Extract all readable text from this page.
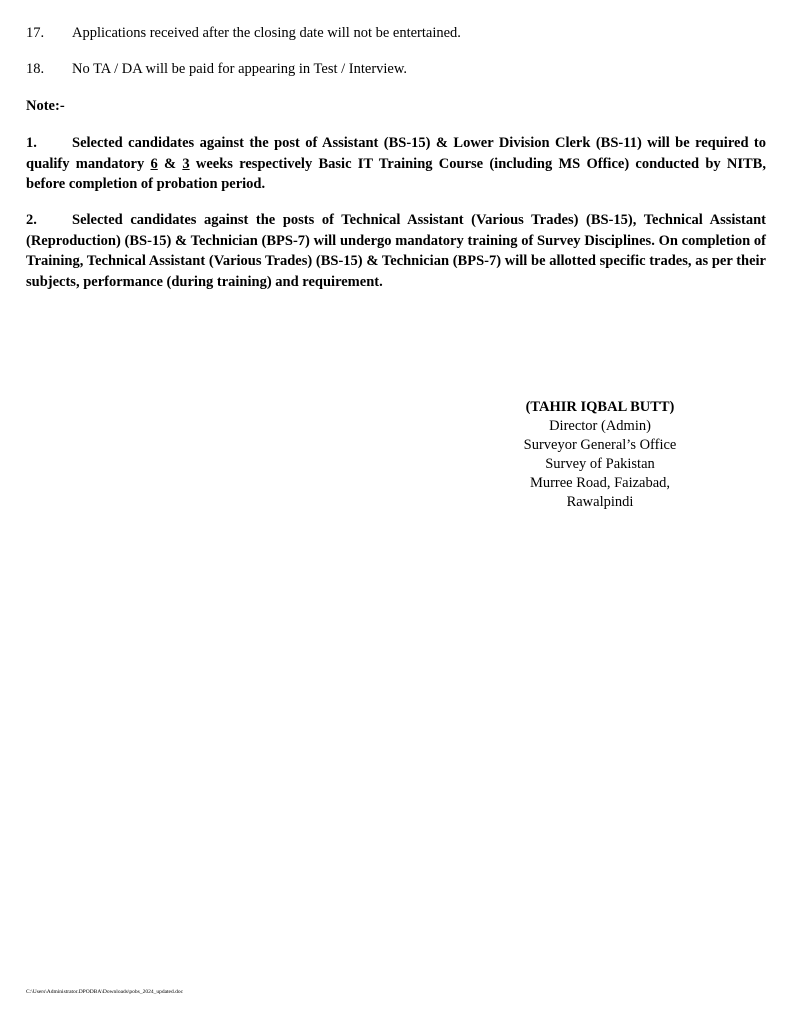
17. Applications received after the closing date will not be entertained.
18. No TA / DA will be paid for appearing in Test / Interview.
Note:-
1. Selected candidates against the post of Assistant (BS-15) & Lower Division Clerk (BS-11) will be required to qualify mandatory 6 & 3 weeks respectively Basic IT Training Course (including MS Office) conducted by NITB, before completion of probation period.
2. Selected candidates against the posts of Technical Assistant (Various Trades) (BS-15), Technical Assistant (Reproduction) (BS-15) & Technician (BPS-7) will undergo mandatory training of Survey Disciplines. On completion of Training, Technical Assistant (Various Trades) (BS-15) & Technician (BPS-7) will be allotted specific trades, as per their subjects, performance (during training) and requirement.
(TAHIR IQBAL BUTT)
Director (Admin)
Surveyor General’s Office
Survey of Pakistan
Murree Road, Faizabad,
Rawalpindi
C:\Users\Administrator.DPODBA\Downloads\pobs_2024_updated.doc
